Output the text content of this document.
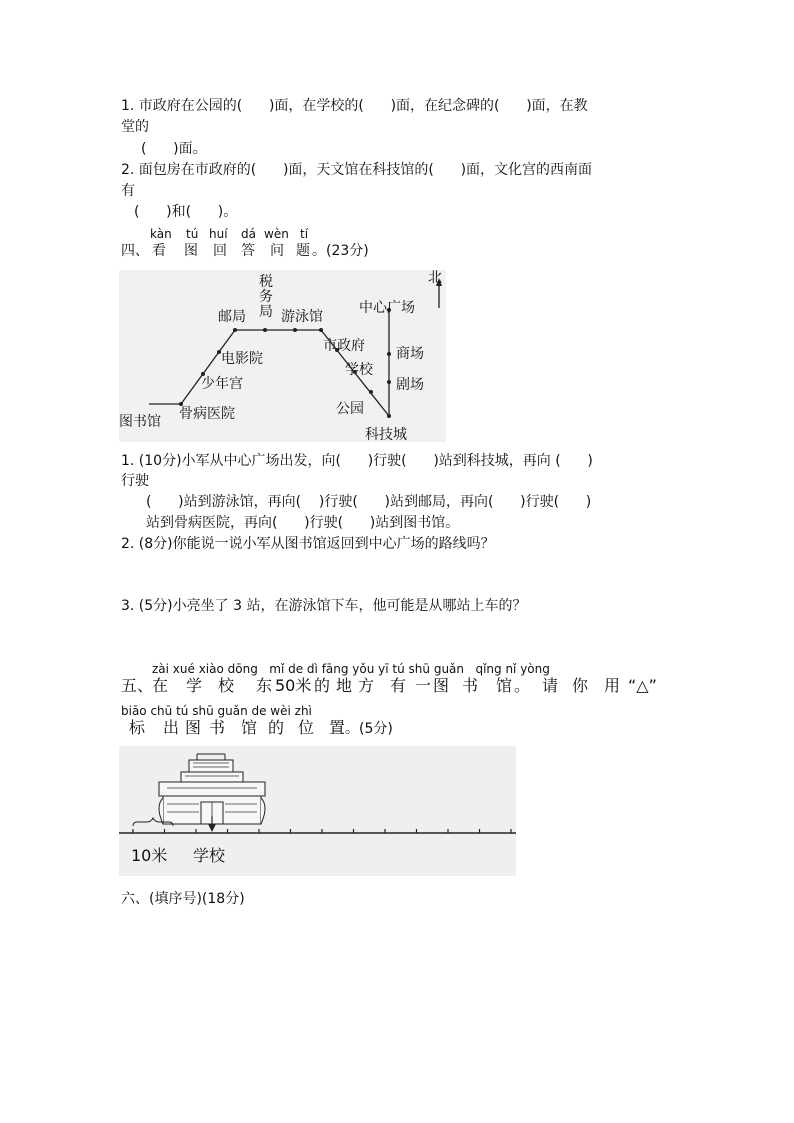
1. 市政府在公园的(      )面，在学校的(      )面，在纪念碑的(      )面，在教
堂的
(      )面。
2. 面包房在市政府的(      )面，天文馆在科技馆的(      )面，文化宫的西南面
有
(      )和(      )。
kàn tú huí dá wèn tí
四、 看 图 回 答 问 题 。(23分)
北
图书馆 骨病医院
少年宫
电影院
邮局
税
务
局 游泳馆
市政府
学校
公园
科技城
中心广场
商场
剧场
1. (10分)小军从中心广场出发，向(      )行驶(      )站到科技城，再向 (      )
行驶
(      )站到游泳馆，再向(    )行驶(      )站到邮局，再向(      )行驶(      )
站到骨病医院，再向(      )行驶(      )站到图书馆。
2. (8分)你能说一说小军从图书馆返回到中心广场的路线吗？
3. (5分)小亮坐了 3 站，在游泳馆下车，他可能是从哪站上车的？
zài xué xiào dōng   mǐ de dì fāng yǒu yī tú shū guǎn   qǐng nǐ yòng
五、
在 学 校 东 50米 的 地 方 有 一 图 书 馆 。 请 你 用 “△”
biāo chū tú shū guǎn de wèi zhì
标 出 图 书 馆 的 位 置 。(5分)
10米 学校
六、(填序号)(18分)
